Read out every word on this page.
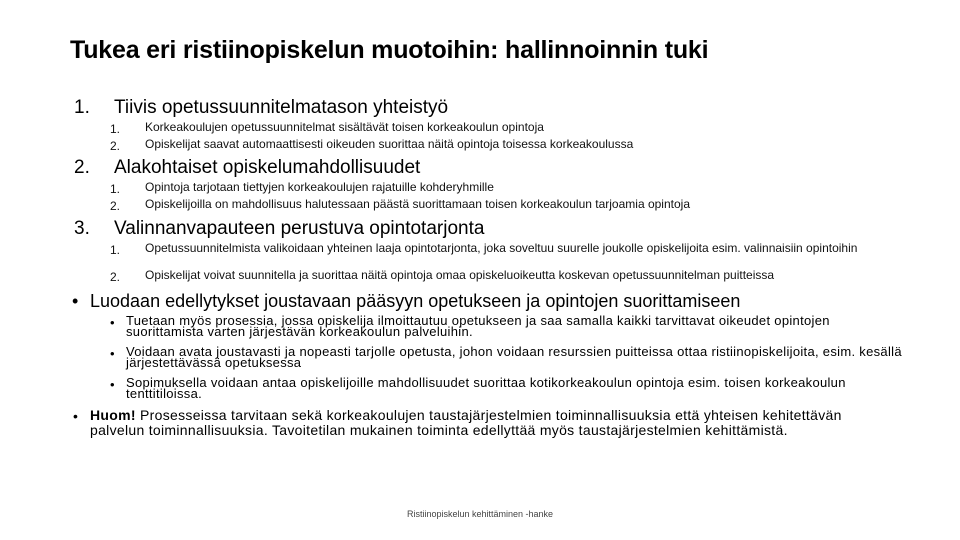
Tukea eri ristiinopiskelun muotoihin: hallinnoinnin tuki
1. Tiivis opetussuunnitelmatason yhteistyö
1. Korkeakoulujen opetussuunnitelmat sisältävät toisen korkeakoulun opintoja
2. Opiskelijat saavat automaattisesti oikeuden suorittaa näitä opintoja toisessa korkeakoulussa
2. Alakohtaiset opiskelumahdollisuudet
1. Opintoja tarjotaan tiettyjen korkeakoulujen rajatuille kohderyhmille
2. Opiskelijoilla on mahdollisuus halutessaan päästä suorittamaan toisen korkeakoulun tarjoamia opintoja
3. Valinnanvapauteen perustuva opintotarjonta
1. Opetussuunnitelmista valikoidaan yhteinen laaja opintotarjonta, joka soveltuu suurelle joukolle opiskelijoita esim. valinnaisiin opintoihin
2. Opiskelijat voivat suunnitella ja suorittaa näitä opintoja omaa opiskeluoikeutta koskevan opetussuunnitelman puitteissa
• Luodaan edellytykset joustavaan pääsyyn opetukseen ja opintojen suorittamiseen
• Tuetaan myös prosessia, jossa opiskelija ilmoittautuu opetukseen ja saa samalla kaikki tarvittavat oikeudet opintojen suorittamista varten järjestävän korkeakoulun palveluihin.
• Voidaan avata joustavasti ja nopeasti tarjolle opetusta, johon voidaan resurssien puitteissa ottaa ristiinopiskelijoita, esim. kesällä järjestettävässä opetuksessa
• Sopimuksella voidaan antaa opiskelijoille mahdollisuudet suorittaa kotikorkeakoulun opintoja esim. toisen korkeakoulun tenttitiloissa.
• Huom! Prosesseissa tarvitaan sekä korkeakoulujen taustajärjestelmien toiminnallisuuksia että yhteisen kehitettävän palvelun toiminnallisuuksia. Tavoitetilan mukainen toiminta edellyttää myös taustajärjestelmien kehittämistä.
Ristiinopiskelun kehittäminen -hanke
